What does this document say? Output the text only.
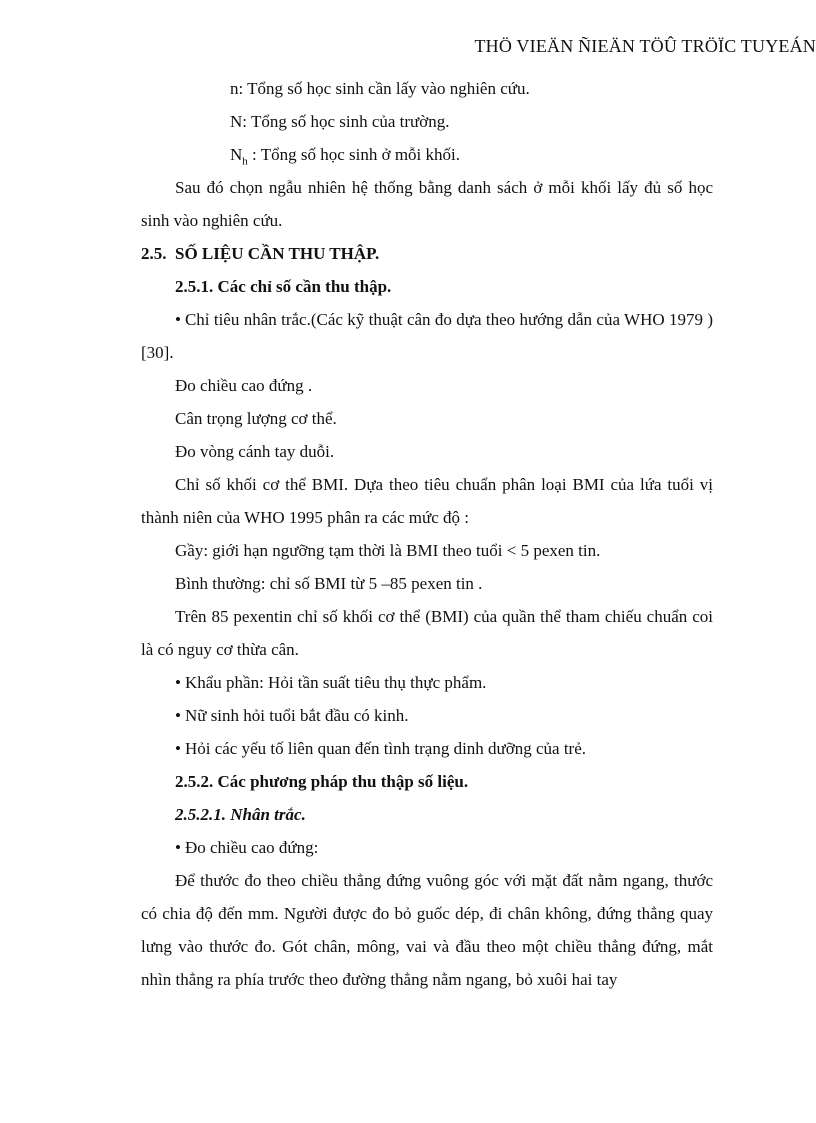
THÖ VIEÄN ÑIEÄN TÖÛ TRÖÏC TUYEÁN
n: Tổng số học sinh cần lấy vào nghiên cứu.
N: Tổng số học sinh của trường.
$N_h$ : Tổng số học sinh ở mỗi khối.
Sau đó chọn ngẫu nhiên hệ thống bằng danh sách ở mỗi khối lấy đủ số học sinh vào nghiên cứu.
2.5. SỐ LIỆU CẦN THU THẬP.
2.5.1. Các chỉ số cần thu thập.
• Chỉ tiêu nhân trắc.(Các kỹ thuật cân đo dựa theo hướng dẫn của WHO 1979 ) [30].
Đo chiều cao đứng .
Cân trọng lượng cơ thể.
Đo vòng cánh tay duỗi.
Chỉ số khối cơ thể BMI. Dựa theo tiêu chuẩn phân loại BMI của lứa tuổi vị thành niên của WHO 1995 phân ra các mức độ :
Gầy: giới hạn ngưỡng tạm thời là BMI theo tuổi < 5 pexen tin.
Bình thường: chỉ số BMI từ 5 –85 pexen tin .
Trên 85 pexentin chỉ số khối cơ thể (BMI) của quần thể tham chiếu chuẩn coi là có nguy cơ thừa cân.
• Khẩu phần: Hỏi tần suất tiêu thụ thực phẩm.
• Nữ sinh hỏi tuổi bắt đầu có kinh.
• Hỏi các yếu tố liên quan đến tình trạng dinh dưỡng của trẻ.
2.5.2. Các phương pháp thu thập số liệu.
2.5.2.1. Nhân trắc.
• Đo chiều cao đứng:
Để thước đo theo chiều thẳng đứng vuông góc với mặt đất nằm ngang, thước có chia độ đến mm. Người được đo bỏ guốc dép, đi chân không, đứng thẳng quay lưng vào thước đo. Gót chân, mông, vai và đầu theo một chiều thẳng đứng, mắt nhìn thẳng ra phía trước theo đường thẳng nằm ngang, bỏ xuôi hai tay
